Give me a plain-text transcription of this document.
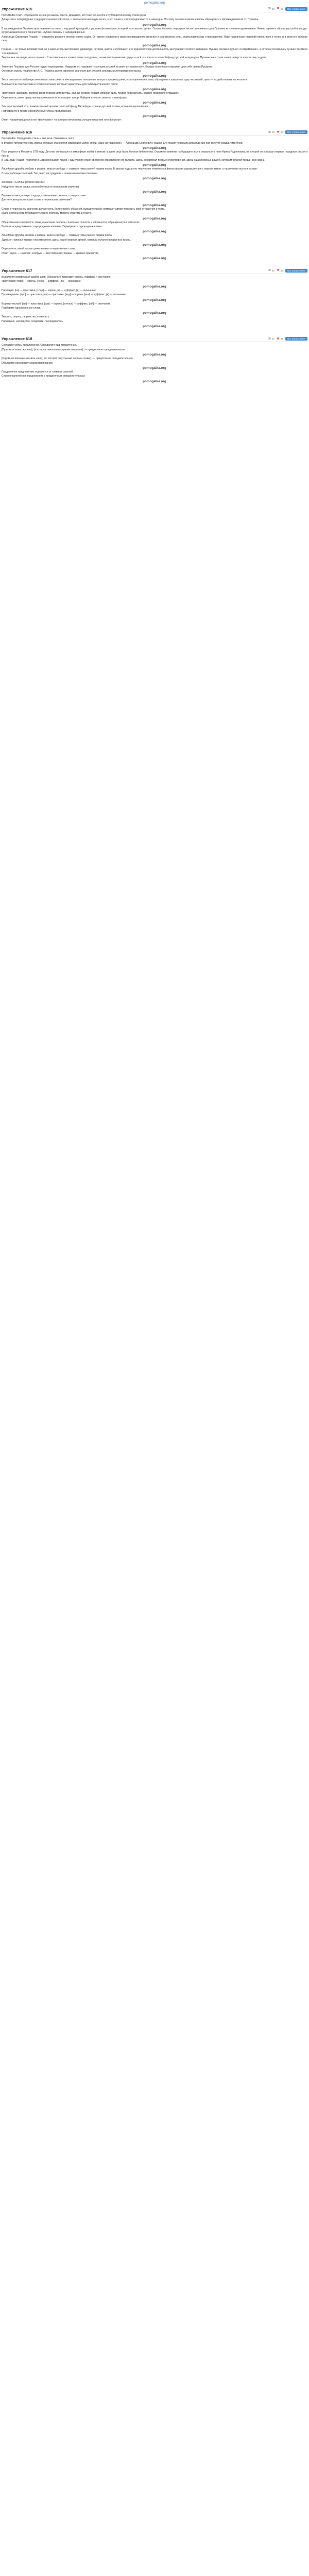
pomogalka.org
Упражнение 615	49	57	Все упражнения

Прочитайте текст. Определите основную мысль текста. Докажите, что текст относится к публицистическому стилю речи.

Дискуссия о литературных традициях пушкинской эпохи, о творческом наследии поэта, о его языке и стиле продолжается в наши дни. Поэтому так важно вновь и вновь обращаться к произведениям А. С. Пушкина.

pomogalka.org

В произведениях Пушкина прослеживается связь с народной культурой, с русским фольклором, который поэт высоко ценил. Сказки, былины, народные песни становились для Пушкина источником вдохновения. Имена героев и образы русской природы, встречающиеся в его творчестве, глубоко связаны с народной речью.

Александр Сергеевич Пушкин — создатель русского литературного языка. Он смело соединил в своих произведениях книжную и разговорную речь, старославянизмы и просторечие. Язык пушкинских творений прост, ясен и точен, и в этом его великая сила.

pomogalka.org

Пушкин — не только великий поэт, но и замечательный прозаик, драматург, историк, критик и публицист. Его журналистская деятельность заслуживает особого внимания. Пушкин основал журнал «Современник», в котором печатались лучшие писатели того времени.

Творческое наследие поэта огромно. Стихотворения и поэмы, повести и драмы, сказки и исторические труды — всё это вошло в золотой фонд русской литературы. Пушкинские строки знают наизусть и взрослые, и дети.

pomogalka.org

Значение Пушкина для России трудно переоценить. Недаром его называют «солнцем русской поэзии» и «нашим всё». Каждое поколение открывает для себя своего Пушкина.

Основная мысль: творчество А. С. Пушкина имеет огромное значение для русской культуры и литературного языка.

pomogalka.org

Текст относится к публицистическому стилю речи: в нём выражено отношение автора к предмету речи, есть оценочные слова, обращение к широкому кругу читателей, цель — воздействовать на читателя.

Выпишите из текста слова и словосочетания, которые характерны для публицистического стиля.

pomogalka.org

Творческое наследие, золотой фонд русской литературы, солнце русской поэзии, великая сила, трудно переоценить, каждое поколение открывает.

Определите, какие средства выразительности использует автор. Найдите в тексте эпитеты и метафоры.

pomogalka.org

Эпитеты: великий поэт, замечательный прозаик, золотой фонд. Метафоры: солнце русской поэзии, источник вдохновения.

Подчеркните в тексте обособленные члены предложения.

pomogalka.org

Ответ: <встречающиеся в его творчестве>; <в котором печатались лучшие писатели того времени>.

Упражнение 616	40	37	Все упражнения

Прочитайте. Определите стиль и тип речи. Озаглавьте текст.

В русской литературе есть имена, которые становятся символами целой эпохи. Одно из таких имён — Александр Сергеевич Пушкин. Его поэзия пережила века и до сих пор волнует сердца читателей.

pomogalka.org

Поэт родился в Москве в 1799 году. Детство его прошло в атмосфере любви к книгам: в доме отца была богатая библиотека. Огромное влияние на будущего поэта оказала его няня Арина Родионовна, от которой он услышал первые народные сказки и песни.

В 1811 году Пушкин поступил в Царскосельский лицей. Годы учения стали временем становления его таланта. Здесь он написал первые стихотворения, здесь нашёл верных друзей, которым остался предан всю жизнь.

pomogalka.org

Лицейская дружба, любовь к родине, вера в свободу — главные темы ранней лирики поэта. В зрелые годы в его творчестве появляются философские размышления о смысле жизни, о назначении поэта и поэзии.

Стиль: публицистический. Тип речи: рассуждение с элементами повествования.

pomogalka.org

Заглавие: «Солнце русской поэзии».

Найдите в тексте слова, употреблённые в переносном значении.

pomogalka.org

Пережила века, волнует сердца, становление таланта, солнце поэзии.

Для чего автор использует слова в переносном значении?

pomogalka.org

Слова в переносном значении делают речь более яркой, образной, выразительной; помогают автору передать своё отношение к поэту.

Какие особенности публицистического стиля вы можете отметить в тексте?

pomogalka.org

Общественная значимость темы, оценочная лексика, сочетание точности и образности, обращённость к читателю.

Выпишите предложения с однородными членами. Подчеркните однородные члены.

pomogalka.org

Лицейская дружба, любовь к родине, вера в свободу — главные темы ранней лирики поэта.

Здесь он написал первые стихотворения, здесь нашёл верных друзей, которым остался предан всю жизнь.

pomogalka.org

Определите, какой частью речи являются выделенные слова.

Ответ: здесь — наречие; которым — местоимение; предан — краткое причастие.

pomogalka.org
Упражнение 617	37	31	Все упражнения

Выполните морфемный разбор слов. Обозначьте приставку, корень, суффикс и окончание.

Творческий: [твор] — корень, [ческ] — суффикс, [ий] — окончание.

pomogalka.org

Наследие: [на] — приставка, [след] — корень, [и] — суффикс, [е] — окончание.

Произведение: [про] — приставка, [из] — приставка, [вед] — корень, [ени] — суффикс, [е] — окончание.

pomogalka.org

Выразительный: [вы] — приставка, [раз] — корень, [ительн] — суффикс, [ый] — окончание.

Подберите однокоренные слова.

pomogalka.org

Творить, творец, творчество, сотворить.

Наследник, наследство, следовать, последователь.

pomogalka.org
Упражнение 618	31	28	Все упражнения

Составьте схемы предложений. Определите вид придаточных.

[Пушкин основал журнал], (в котором печатались лучшие писатели). — придаточное определительное.

pomogalka.org

[Огромное влияние оказала няня], (от которой он услышал первые сказки). — придаточное определительное.

Объясните постановку знаков препинания.

pomogalka.org

Придаточное предложение отделяется от главного запятой.

Сложноподчинённое предложение с придаточным определительным.

pomogalka.org
